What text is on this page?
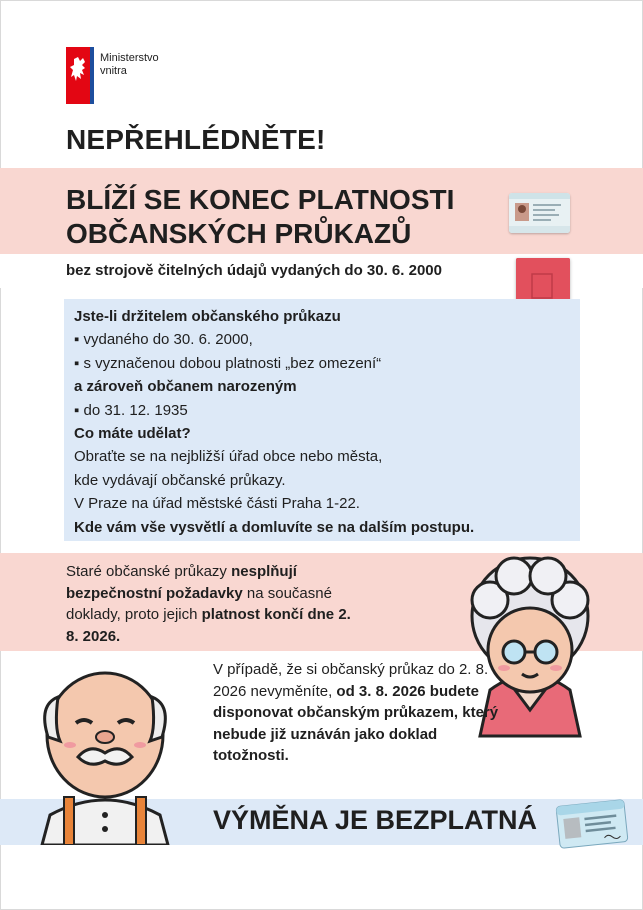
Ministerstvo
vnitra
NEPŘEHLÉDNĚTE!
BLÍŽÍ SE KONEC PLATNOSTI
OBČANSKÝCH PRŮKAZŮ
bez strojově čitelných údajů vydaných do 30. 6. 2000
Jste-li držitelem občanského průkazu
▪ vydaného do 30. 6. 2000,
▪ s vyznačenou dobou platnosti „bez omezení“
a zároveň občanem narozeným
▪ do 31. 12. 1935
Co máte udělat?
Obraťte se na nejbližší úřad obce nebo města,
kde vydávají občanské průkazy.
V Praze na úřad městské části Praha 1-22.
Kde vám vše vysvětlí a domluvíte se na dalším postupu.
Staré občanské průkazy nesplňují bezpečnostní požadavky na současné doklady, proto jejich platnost končí dne 2. 8. 2026.
V případě, že si občanský průkaz do 2. 8. 2026 nevyměníte, od 3. 8. 2026 budete disponovat občanským průkazem, který nebude již uznáván jako doklad totožnosti.
VÝMĚNA JE BEZPLATNÁ
